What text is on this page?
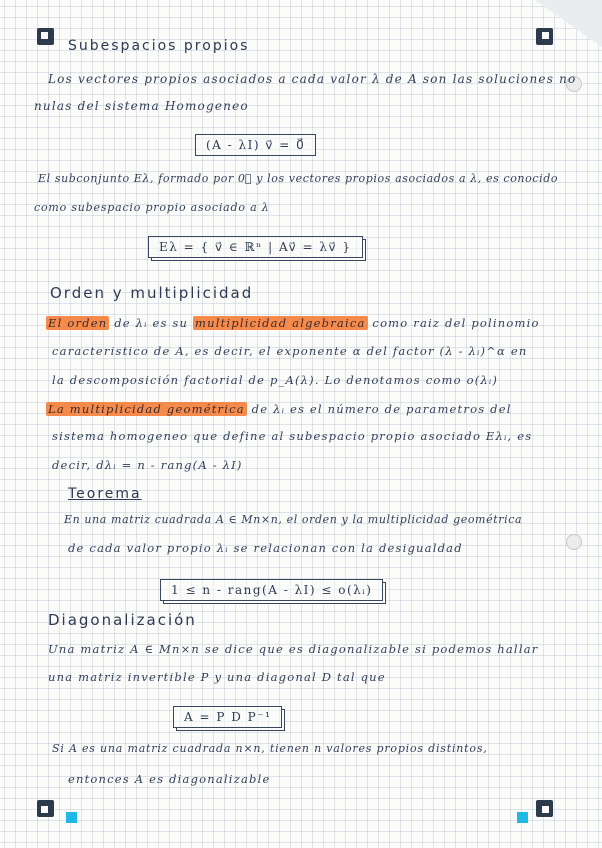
Subespacios propios
Los vectores propios asociados a cada valor λ de A son las soluciones no
nulas del sistema Homogeneo
(A - λI) v⃗ = 0⃗
El subconjunto Eλ, formado por 0⃗ y los vectores propios asociados a λ, es conocido
como subespacio propio asociado a λ
Eλ = { v⃗ ∈ ℝⁿ | Av⃗ = λv⃗ }
Orden y multiplicidad
El orden de λᵢ es su multiplicidad algebraica como raiz del polinomio
caracteristico de A, es decir, el exponente α del factor (λ - λᵢ)^α en
la descomposición factorial de p_A(λ). Lo denotamos como o(λᵢ)
La multiplicidad geométrica de λᵢ es el número de parametros del
sistema homogeneo que define al subespacio propio asociado Eλᵢ, es
decir, dλᵢ = n - rang(A - λI)
Teorema
En una matriz cuadrada A ∈ Mn×n, el orden y la multiplicidad geométrica
de cada valor propio λᵢ se relacionan con la desigualdad
1 ≤ n - rang(A - λI) ≤ o(λᵢ)
Diagonalización
Una matriz A ∈ Mn×n se dice que es diagonalizable si podemos hallar
una matriz invertible P y una diagonal D tal que
A = P D P⁻¹
Si A es una matriz cuadrada n×n, tienen n valores propios distintos,
entonces A es diagonalizable
